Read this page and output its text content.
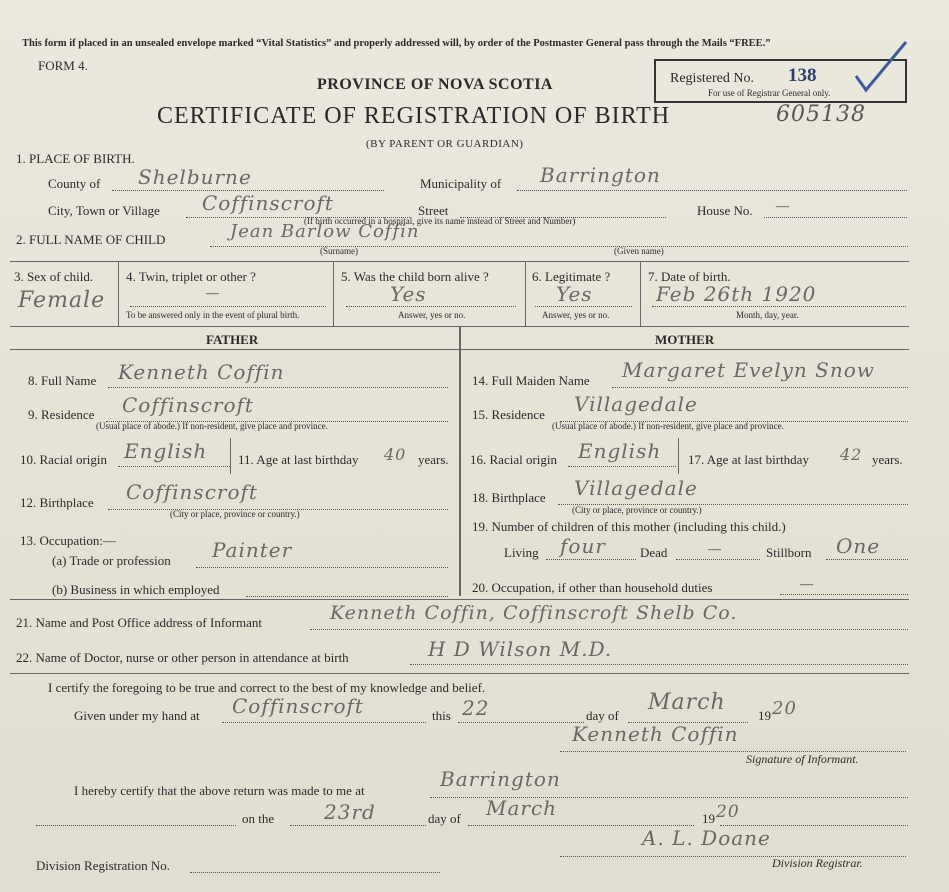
This form if placed in an unsealed envelope marked “Vital Statistics” and properly addressed will, by order of the Postmaster General pass through the Mails “FREE.”
FORM 4.
PROVINCE OF NOVA SCOTIA	Registered No. 138
For use of Registrar General only.
CERTIFICATE OF REGISTRATION OF BIRTH	605138
(BY PARENT OR GUARDIAN)
1. PLACE OF BIRTH.
County of Shelburne	Municipality of Barrington
City, Town or Village Coffinscroft	Street	House No. —
(If birth occurred in a hospital, give its name instead of Street and Number)
2. FULL NAME OF CHILD	Jean Barlow Coffin
(Surname)	(Given name)
3. Sex of child.
Female
4. Twin, triplet or other ?
—
To be answered only in the event of plural birth.
5. Was the child born alive ?
Yes
Answer, yes or no.
6. Legitimate ?
Yes
Answer, yes or no.
7. Date of birth.
Feb 26th 1920
Month, day, year.
FATHER	MOTHER
8. Full Name Kenneth Coffin
9. Residence Coffinscroft
(Usual place of abode.) If non-resident, give place and province.
10. Racial origin English 11. Age at last birthday 40 years.
12. Birthplace Coffinscroft
(City or place, province or country.)
13. Occupation:—
(a) Trade or profession Painter
(b) Business in which employed
14. Full Maiden Name Margaret Evelyn Snow
15. Residence Villagedale
(Usual place of abode.) If non-resident, give place and province.
16. Racial origin English 17. Age at last birthday 42 years.
18. Birthplace Villagedale
(City or place, province or country.)
19. Number of children of this mother (including this child.)
Living four	Dead	—	Stillborn One
20. Occupation, if other than household duties	—
21. Name and Post Office address of Informant	Kenneth Coffin, Coffinscroft Shelb Co.
22. Name of Doctor, nurse or other person in attendance at birth	H D Wilson M.D.
I certify the foregoing to be true and correct to the best of my knowledge and belief.
Given under my hand at Coffinscroft	this 22	day of
March
19 20
Kenneth Coffin
Signature of Informant.
I hereby certify that the above return was made to me at	Barrington
on the 23rd	day of March	19 20
Division Registration No.
A. L. Doane
Division Registrar.
